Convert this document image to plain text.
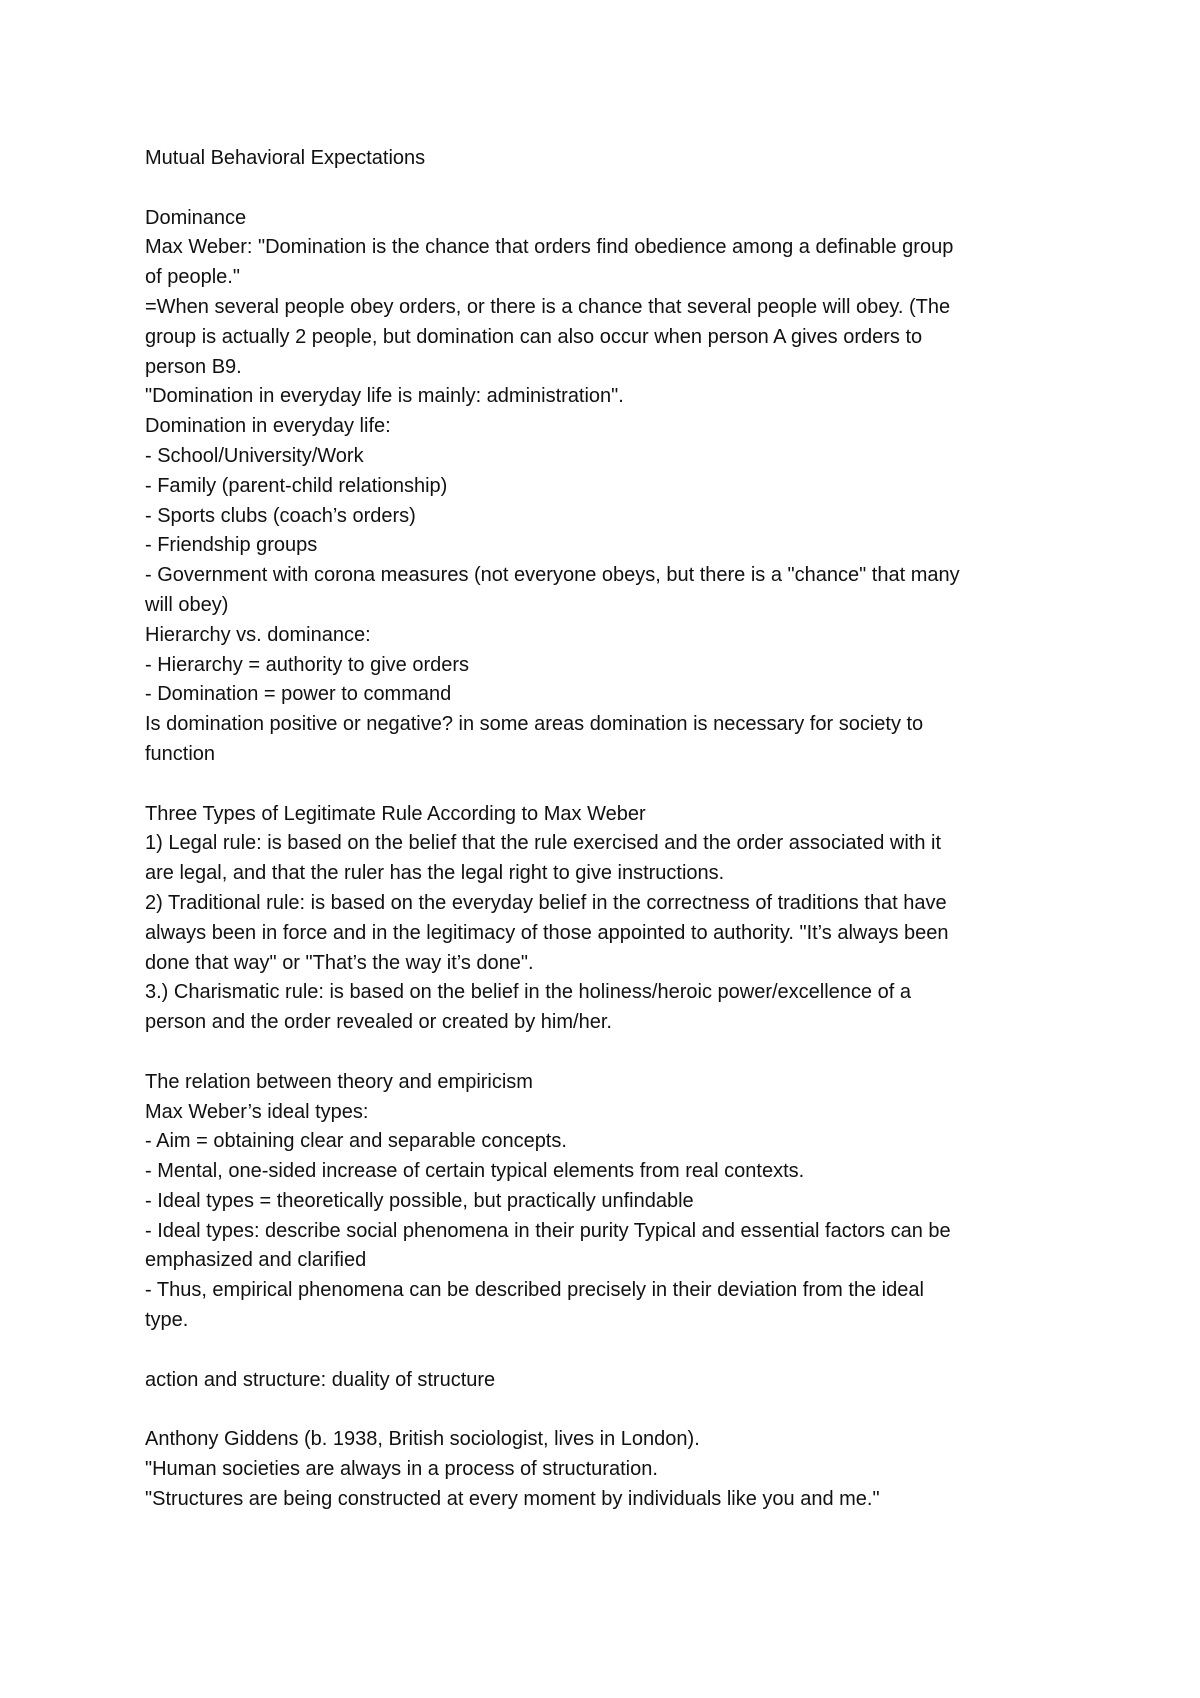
Mutual Behavioral Expectations
Dominance
Max Weber: "Domination is the chance that orders find obedience among a definable group
of people."
=When several people obey orders, or there is a chance that several people will obey. (The
group is actually 2 people, but domination can also occur when person A gives orders to
person B9.
"Domination in everyday life is mainly: administration".
Domination in everyday life:
- School/University/Work
- Family (parent-child relationship)
- Sports clubs (coach’s orders)
- Friendship groups
- Government with corona measures (not everyone obeys, but there is a "chance" that many
will obey)
Hierarchy vs. dominance:
- Hierarchy = authority to give orders
- Domination = power to command
Is domination positive or negative? in some areas domination is necessary for society to
function
Three Types of Legitimate Rule According to Max Weber
1) Legal rule: is based on the belief that the rule exercised and the order associated with it
are legal, and that the ruler has the legal right to give instructions.
2) Traditional rule: is based on the everyday belief in the correctness of traditions that have
always been in force and in the legitimacy of those appointed to authority. "It’s always been
done that way" or "That’s the way it’s done".
3.) Charismatic rule: is based on the belief in the holiness/heroic power/excellence of a
person and the order revealed or created by him/her.
The relation between theory and empiricism
Max Weber’s ideal types:
- Aim = obtaining clear and separable concepts.
- Mental, one-sided increase of certain typical elements from real contexts.
- Ideal types = theoretically possible, but practically unfindable
- Ideal types: describe social phenomena in their purity Typical and essential factors can be
emphasized and clarified
- Thus, empirical phenomena can be described precisely in their deviation from the ideal
type.
action and structure: duality of structure
Anthony Giddens (b. 1938, British sociologist, lives in London).
"Human societies are always in a process of structuration.
"Structures are being constructed at every moment by individuals like you and me."
